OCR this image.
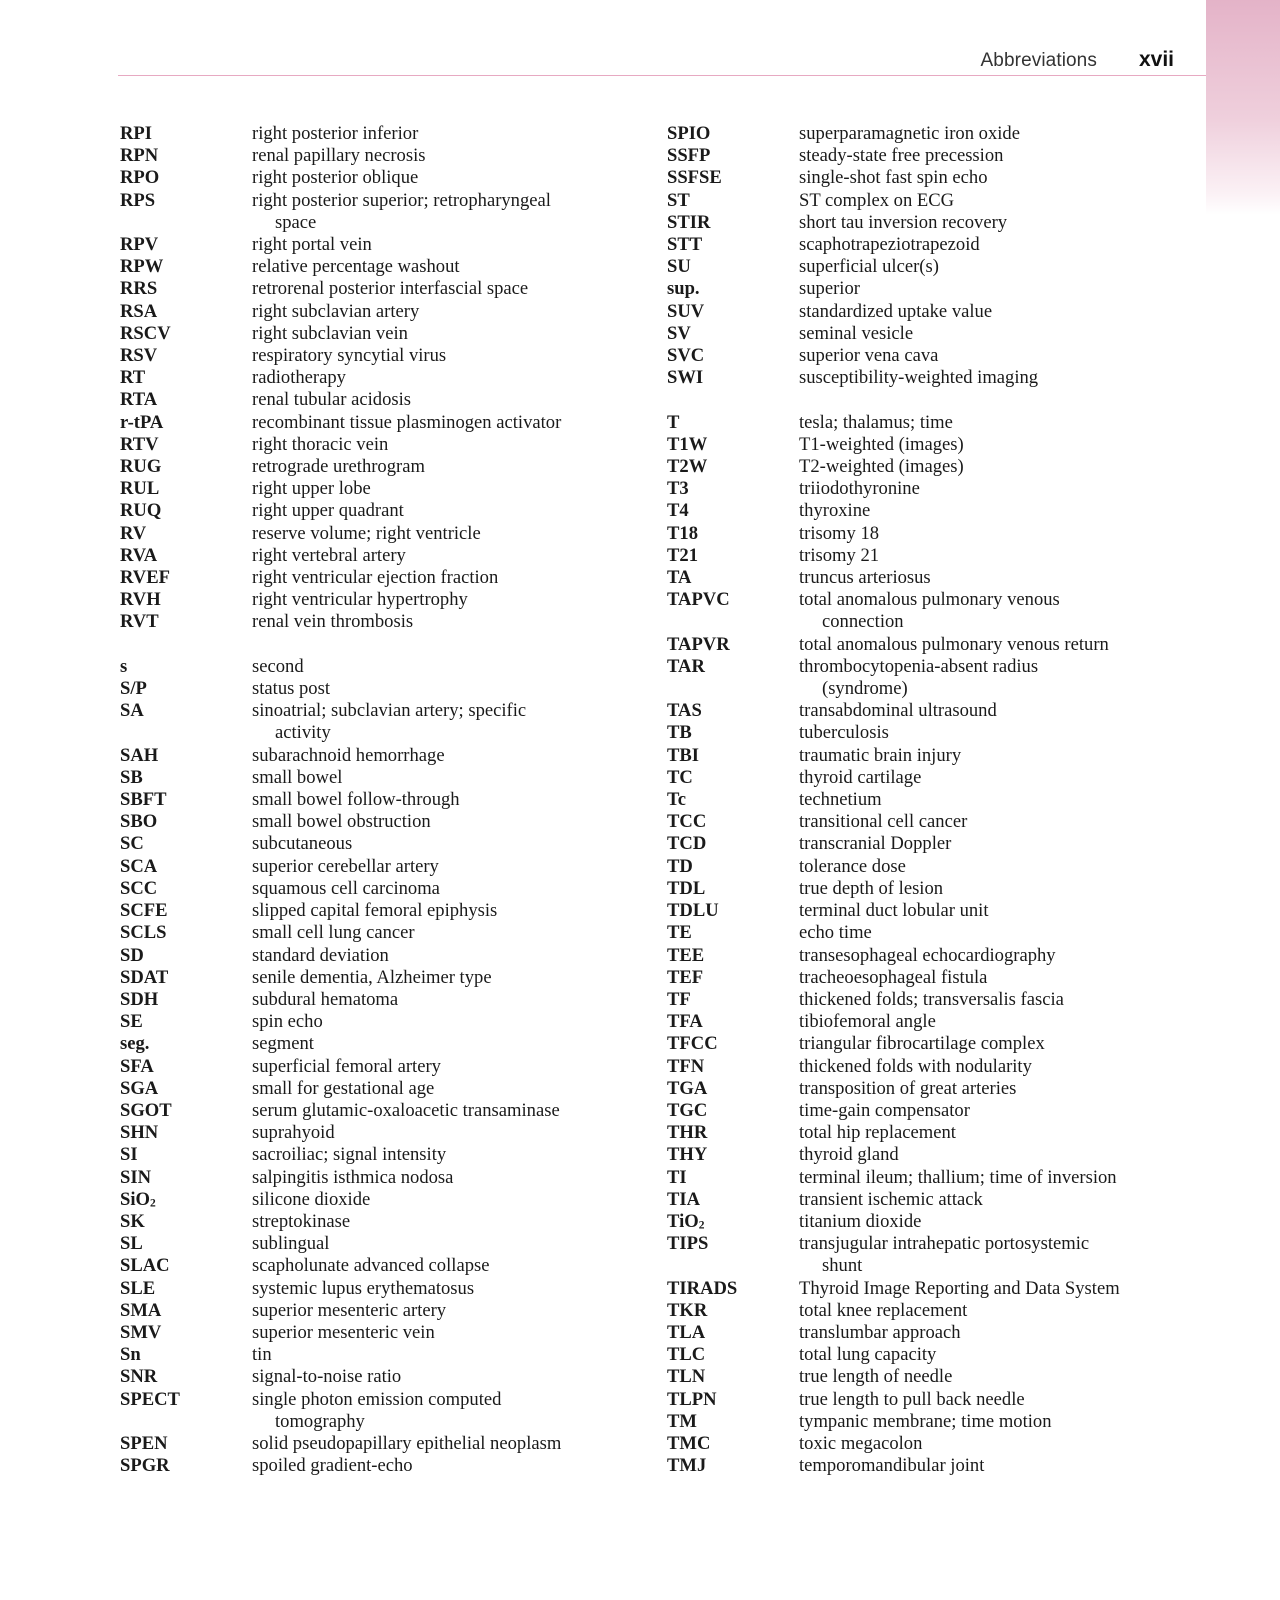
Abbreviations xvii
RPI	right posterior inferior
RPN	renal papillary necrosis
RPO	right posterior oblique
RPS	right posterior superior; retropharyngeal
space
RPV	right portal vein
RPW	relative percentage washout
RRS	retrorenal posterior interfascial space
RSA	right subclavian artery
RSCV	right subclavian vein
RSV	respiratory syncytial virus
RT	radiotherapy
RTA	renal tubular acidosis
r-tPA	recombinant tissue plasminogen activator
RTV	right thoracic vein
RUG	retrograde urethrogram
RUL	right upper lobe
RUQ	right upper quadrant
RV	reserve volume; right ventricle
RVA	right vertebral artery
RVEF	right ventricular ejection fraction
RVH	right ventricular hypertrophy
RVT	renal vein thrombosis
s	second
S/P	status post
SA	sinoatrial; subclavian artery; specific
activity
SAH	subarachnoid hemorrhage
SB	small bowel
SBFT	small bowel follow-through
SBO	small bowel obstruction
SC	subcutaneous
SCA	superior cerebellar artery
SCC	squamous cell carcinoma
SCFE	slipped capital femoral epiphysis
SCLS	small cell lung cancer
SD	standard deviation
SDAT	senile dementia, Alzheimer type
SDH	subdural hematoma
SE	spin echo
seg.	segment
SFA	superficial femoral artery
SGA	small for gestational age
SGOT	serum glutamic-oxaloacetic transaminase
SHN	suprahyoid
SI	sacroiliac; signal intensity
SIN	salpingitis isthmica nodosa
SiO2	silicone dioxide
SK	streptokinase
SL	sublingual
SLAC	scapholunate advanced collapse
SLE	systemic lupus erythematosus
SMA	superior mesenteric artery
SMV	superior mesenteric vein
Sn	tin
SNR	signal-to-noise ratio
SPECT	single photon emission computed
tomography
SPEN	solid pseudopapillary epithelial neoplasm
SPGR	spoiled gradient-echo
SPIO	superparamagnetic iron oxide
SSFP	steady-state free precession
SSFSE	single-shot fast spin echo
ST	ST complex on ECG
STIR	short tau inversion recovery
STT	scaphotrapeziotrapezoid
SU	superficial ulcer(s)
sup.	superior
SUV	standardized uptake value
SV	seminal vesicle
SVC	superior vena cava
SWI	susceptibility-weighted imaging
T	tesla; thalamus; time
T1W	T1-weighted (images)
T2W	T2-weighted (images)
T3	triiodothyronine
T4	thyroxine
T18	trisomy 18
T21	trisomy 21
TA	truncus arteriosus
TAPVC	total anomalous pulmonary venous
connection
TAPVR	total anomalous pulmonary venous return
TAR	thrombocytopenia-absent radius
(syndrome)
TAS	transabdominal ultrasound
TB	tuberculosis
TBI	traumatic brain injury
TC	thyroid cartilage
Tc	technetium
TCC	transitional cell cancer
TCD	transcranial Doppler
TD	tolerance dose
TDL	true depth of lesion
TDLU	terminal duct lobular unit
TE	echo time
TEE	transesophageal echocardiography
TEF	tracheoesophageal fistula
TF	thickened folds; transversalis fascia
TFA	tibiofemoral angle
TFCC	triangular fibrocartilage complex
TFN	thickened folds with nodularity
TGA	transposition of great arteries
TGC	time-gain compensator
THR	total hip replacement
THY	thyroid gland
TI	terminal ileum; thallium; time of inversion
TIA	transient ischemic attack
TiO2	titanium dioxide
TIPS	transjugular intrahepatic portosystemic
shunt
TIRADS	Thyroid Image Reporting and Data System
TKR	total knee replacement
TLA	translumbar approach
TLC	total lung capacity
TLN	true length of needle
TLPN	true length to pull back needle
TM	tympanic membrane; time motion
TMC	toxic megacolon
TMJ	temporomandibular joint
